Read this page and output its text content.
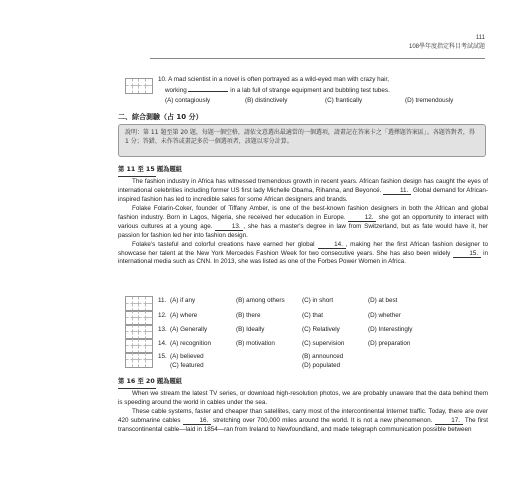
111
108學年度指定科目考試試題
10. A mad scientist in a novel is often portrayed as a wild-eyed man with crazy hair,
working	in a lab full of strange equipment and bubbling test tubes.
(A) contagiously	(B) distinctively	(C) frantically	(D) tremendously
二、綜合測驗（占 10 分）
說明：第 11 題至第 20 題，每題一個空格，請依文意選出最適當的一個選項，請畫記在答案卡之「選擇題答案區」。各題答對者，得 1 分；答錯、未作答或畫記多於一個選項者，該題以零分計算。
第 11 至 15 題為題組

The fashion industry in Africa has witnessed tremendous growth in recent years. African fashion design has caught the eyes of international celebrities including former US first lady Michelle Obama, Rihanna, and Beyoncé.	11. Global demand for African-inspired fashion has led to incredible sales for some African designers and brands.

Folake Folarin-Coker, founder of Tiffany Amber, is one of the best-known fashion designers in both the African and global fashion industry. Born in Lagos, Nigeria, she received her education in Europe.	12. she got an opportunity to interact with various cultures at a young age.	13. , she has a master's degree in law from Switzerland, but as fate would have it, her passion for fashion led her into fashion design.

Folake's tasteful and colorful creations have earned her global	14. , making her the first African fashion designer to showcase her talent at the New York Mercedes Fashion Week for two consecutive years. She has also been widely	15. in international media such as CNN. In 2013, she was listed as one of the Forbes Power Women in Africa.

11. (A) if any	(B) among others	(C) in short	(D) at best
12. (A) where	(B) there	(C) that	(D) whether
13. (A) Generally	(B) Ideally	(C) Relatively	(D) Interestingly
14. (A) recognition	(B) motivation	(C) supervision	(D) preparation
15. (A) believed	(B) announced
(C) featured	(D) populated
第 16 至 20 題為題組

When we stream the latest TV series, or download high-resolution photos, we are probably unaware that the data behind them is speeding around the world in cables under the sea.

These cable systems, faster and cheaper than satellites, carry most of the intercontinental Internet traffic. Today, there are over 420 submarine cables	16. stretching over 700,000 miles around the world. It is not a new phenomenon.	17. The first transcontinental cable—laid in 1854—ran from Ireland to Newfoundland, and made telegraph communication possible between
